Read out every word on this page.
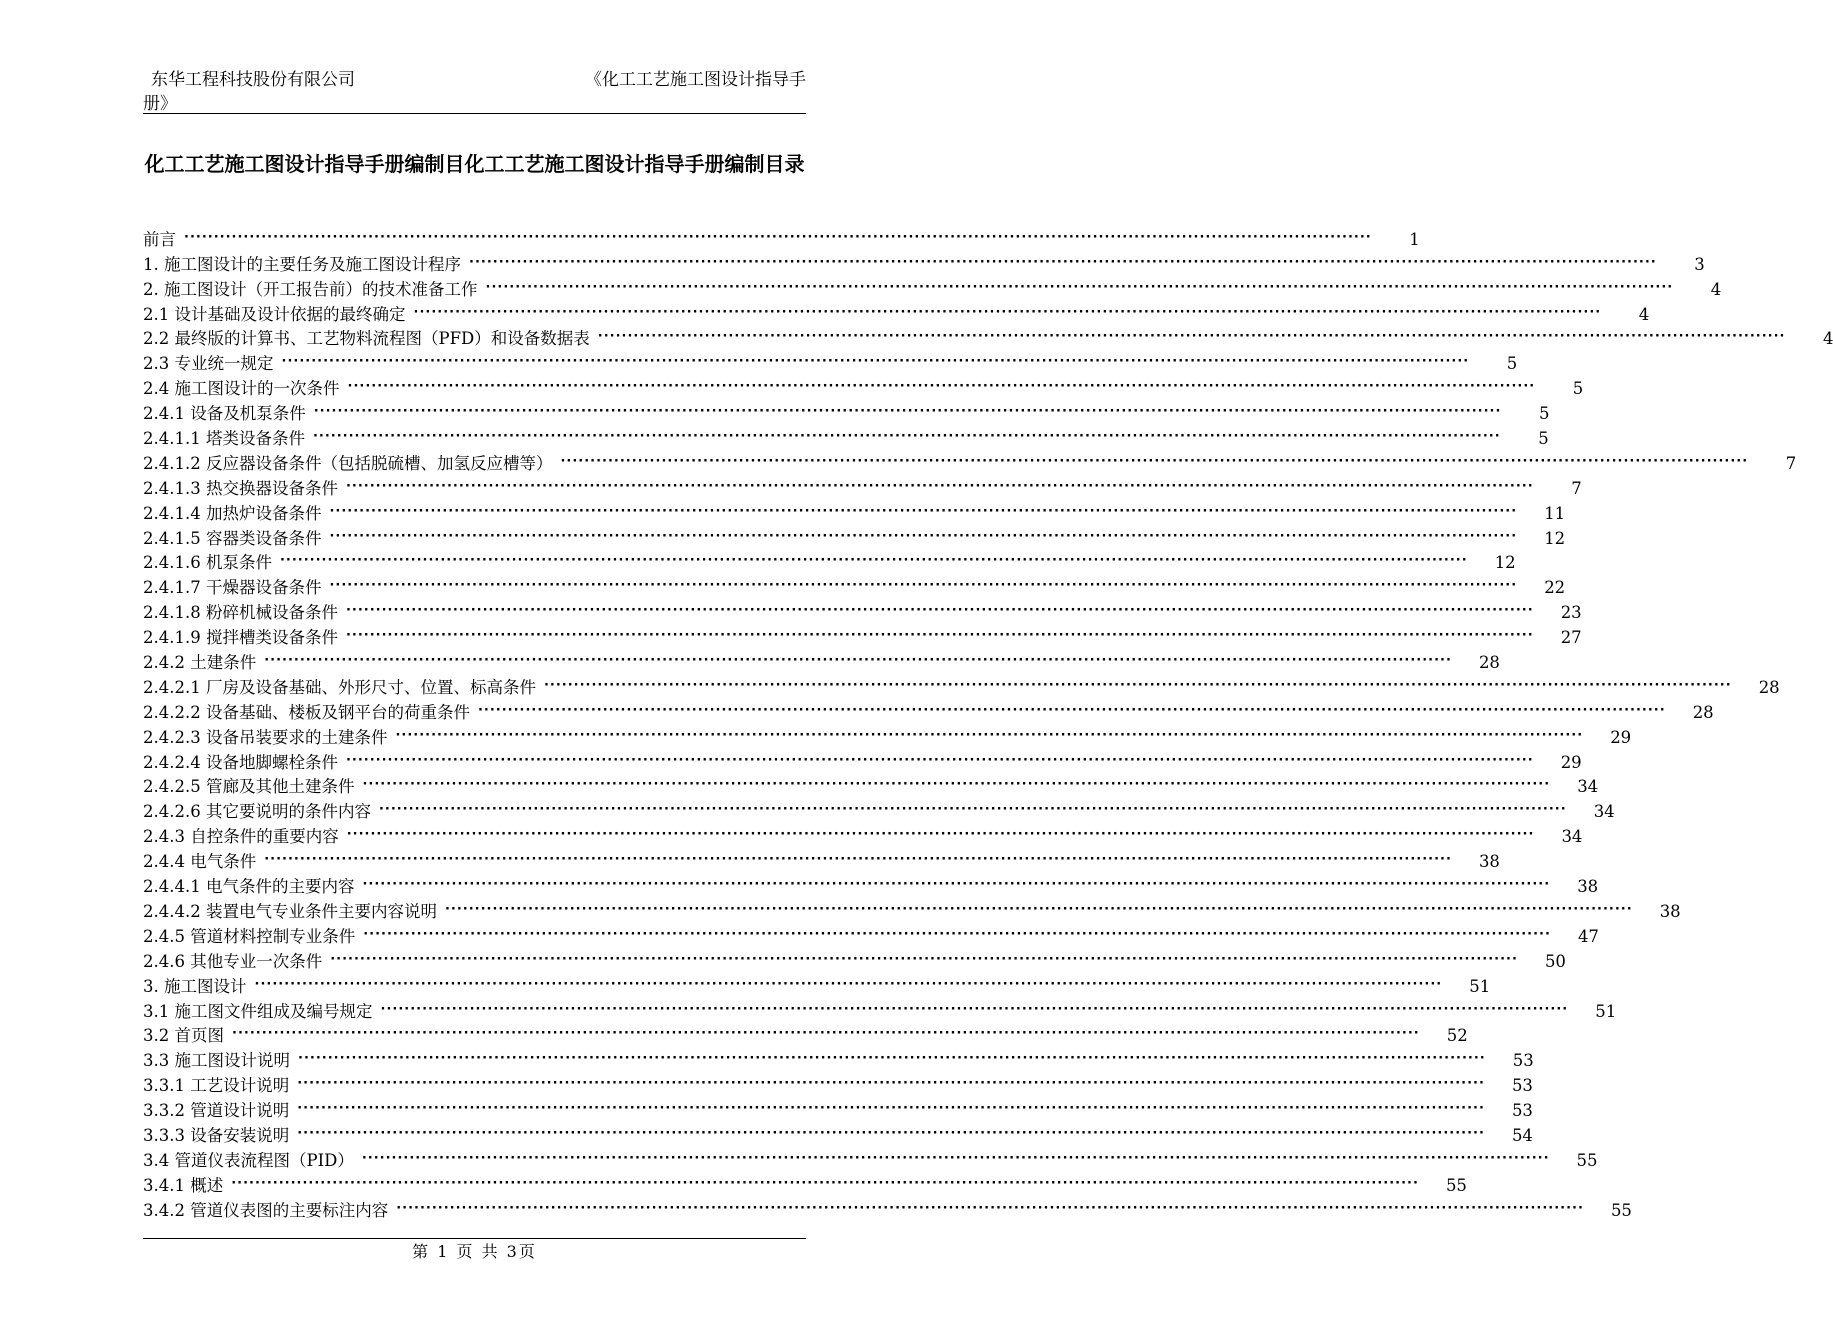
东华工程科技股份有限公司	《化工工艺施工图设计指导手
册》
化工工艺施工图设计指导手册编制目化工工艺施工图设计指导手册编制目录
前言 ········································································································································································································	1
1. 施工图设计的主要任务及施工图设计程序 ········································································································································································································	3
2. 施工图设计（开工报告前）的技术准备工作 ········································································································································································································	4
2.1 设计基础及设计依据的最终确定 ········································································································································································································	4
2.2 最终版的计算书、工艺物料流程图（PFD）和设备数据表 ········································································································································································································	4
2.3 专业统一规定 ········································································································································································································	5
2.4 施工图设计的一次条件 ········································································································································································································	5
2.4.1 设备及机泵条件 ········································································································································································································	5
2.4.1.1 塔类设备条件 ········································································································································································································	5
2.4.1.2 反应器设备条件（包括脱硫槽、加氢反应槽等） ········································································································································································································	7
2.4.1.3 热交换器设备条件 ········································································································································································································	7
2.4.1.4 加热炉设备条件 ········································································································································································································	11
2.4.1.5 容器类设备条件 ········································································································································································································	12
2.4.1.6 机泵条件 ········································································································································································································	12
2.4.1.7 干燥器设备条件 ········································································································································································································	22
2.4.1.8 粉碎机械设备条件 ········································································································································································································	23
2.4.1.9 搅拌槽类设备条件 ········································································································································································································	27
2.4.2 土建条件 ········································································································································································································	28
2.4.2.1 厂房及设备基础、外形尺寸、位置、标高条件 ········································································································································································································	28
2.4.2.2 设备基础、楼板及钢平台的荷重条件 ········································································································································································································	28
2.4.2.3 设备吊装要求的土建条件 ········································································································································································································	29
2.4.2.4 设备地脚螺栓条件 ········································································································································································································	29
2.4.2.5 管廊及其他土建条件 ········································································································································································································	34
2.4.2.6 其它要说明的条件内容 ········································································································································································································	34
2.4.3 自控条件的重要内容 ········································································································································································································	34
2.4.4 电气条件 ········································································································································································································	38
2.4.4.1 电气条件的主要内容 ········································································································································································································	38
2.4.4.2 装置电气专业条件主要内容说明 ········································································································································································································	38
2.4.5 管道材料控制专业条件 ········································································································································································································	47
2.4.6 其他专业一次条件 ········································································································································································································	50
3. 施工图设计 ········································································································································································································	51
3.1 施工图文件组成及编号规定 ········································································································································································································	51
3.2 首页图 ········································································································································································································	52
3.3 施工图设计说明 ········································································································································································································	53
3.3.1 工艺设计说明 ········································································································································································································	53
3.3.2 管道设计说明 ········································································································································································································	53
3.3.3 设备安装说明 ········································································································································································································	54
3.4 管道仪表流程图（PID） ········································································································································································································	55
3.4.1 概述 ········································································································································································································	55
3.4.2 管道仪表图的主要标注内容 ········································································································································································································	55
第 1 页 共 3页
